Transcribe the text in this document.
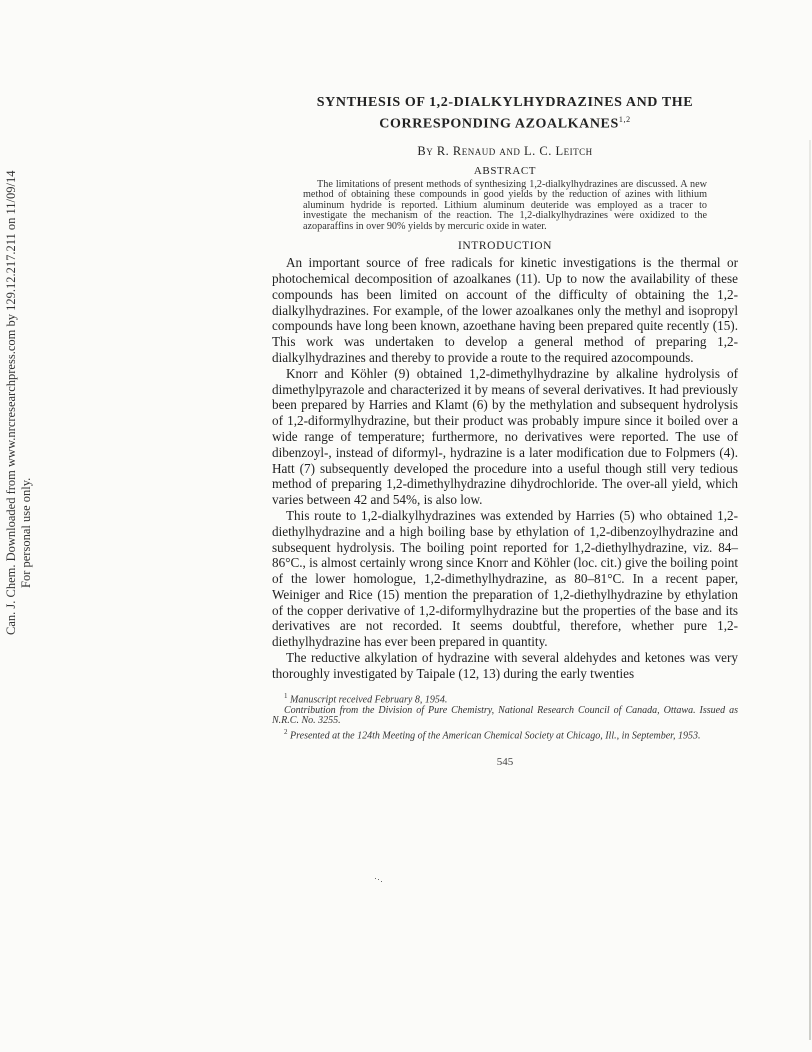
Can. J. Chem. Downloaded from www.nrcresearchpress.com by 129.12.217.211 on 11/09/14 For personal use only.
SYNTHESIS OF 1,2-DIALKYLHYDRAZINES AND THE
CORRESPONDING AZOALKANES$^{1,2}$
By R. Renaud and L. C. Leitch
ABSTRACT
The limitations of present methods of synthesizing 1,2-dialkylhydrazines are discussed. A new method of obtaining these compounds in good yields by the reduction of azines with lithium aluminum hydride is reported. Lithium aluminum deuteride was employed as a tracer to investigate the mechanism of the reaction. The 1,2-dialkylhydrazines were oxidized to the azoparaffins in over 90% yields by mercuric oxide in water.
INTRODUCTION

An important source of free radicals for kinetic investigations is the thermal or photochemical decomposition of azoalkanes (11). Up to now the availability of these compounds has been limited on account of the difficulty of obtaining the 1,2-dialkylhydrazines. For example, of the lower azoalkanes only the methyl and isopropyl compounds have long been known, azoethane having been prepared quite recently (15). This work was undertaken to develop a general method of preparing 1,2-dialkylhydrazines and thereby to provide a route to the required azocompounds.

Knorr and Köhler (9) obtained 1,2-dimethylhydrazine by alkaline hydrolysis of dimethylpyrazole and characterized it by means of several derivatives. It had previously been prepared by Harries and Klamt (6) by the methylation and subsequent hydrolysis of 1,2-diformylhydrazine, but their product was probably impure since it boiled over a wide range of temperature; furthermore, no derivatives were reported. The use of dibenzoyl-, instead of diformyl-, hydrazine is a later modification due to Folpmers (4). Hatt (7) subsequently developed the procedure into a useful though still very tedious method of preparing 1,2-dimethylhydrazine dihydrochloride. The over-all yield, which varies between 42 and 54%, is also low.

This route to 1,2-dialkylhydrazines was extended by Harries (5) who obtained 1,2-diethylhydrazine and a high boiling base by ethylation of 1,2-dibenzoylhydrazine and subsequent hydrolysis. The boiling point reported for 1,2-diethylhydrazine, viz. 84–86°C., is almost certainly wrong since Knorr and Köhler (loc. cit.) give the boiling point of the lower homologue, 1,2-dimethylhydrazine, as 80–81°C. In a recent paper, Weiniger and Rice (15) mention the preparation of 1,2-diethylhydrazine by ethylation of the copper derivative of 1,2-diformylhydrazine but the properties of the base and its derivatives are not recorded. It seems doubtful, therefore, whether pure 1,2-diethylhydrazine has ever been prepared in quantity.

The reductive alkylation of hydrazine with several aldehydes and ketones was very thoroughly investigated by Taipale (12, 13) during the early twenties

$^1$ Manuscript received February 8, 1954.

Contribution from the Division of Pure Chemistry, National Research Council of Canada, Ottawa. Issued as N.R.C. No. 3255.

$^2$ Presented at the 124th Meeting of the American Chemical Society at Chicago, Ill., in September, 1953.

545
